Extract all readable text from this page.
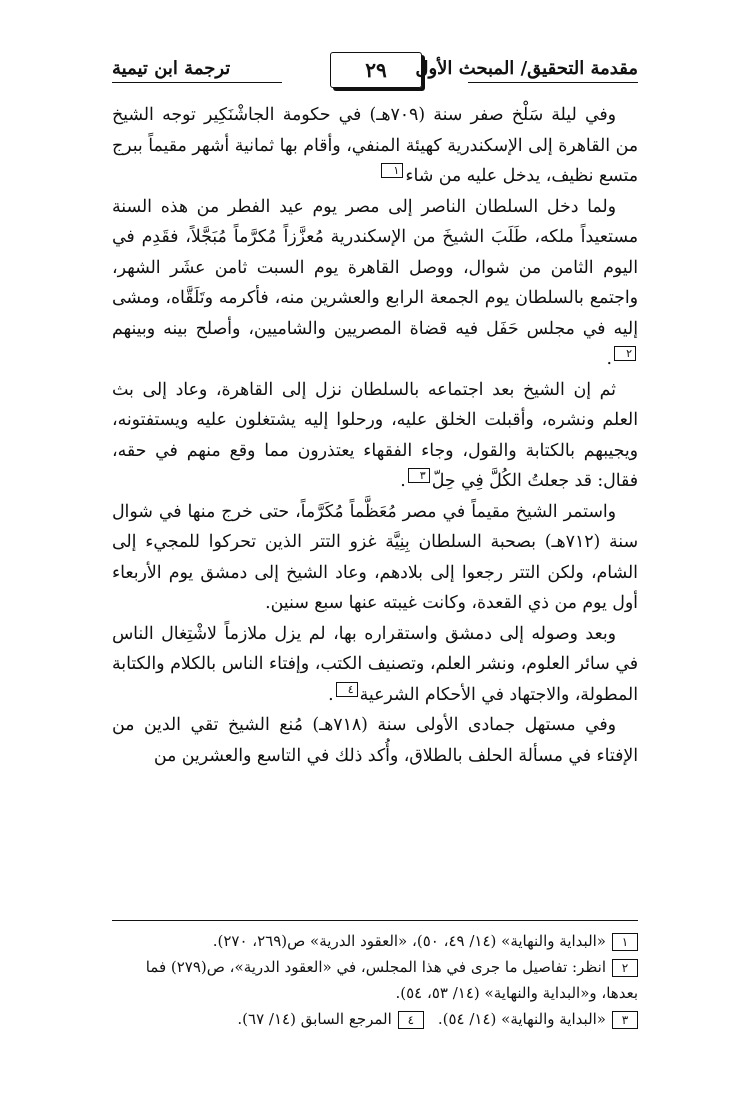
مقدمة التحقيق/ المبحث الأول
٢٩
ترجمة ابن تيمية

وفي ليلة سَلْخ صفر سنة (٧٠٩هـ) في حكومة الجاشْنَكِير توجه الشيخ من القاهرة إلى الإسكندرية كهيئة المنفي، وأقام بها ثمانية أشهر مقيماً ببرج متسع نظيف، يدخل عليه من شاء١

ولما دخل السلطان الناصر إلى مصر يوم عيد الفطر من هذه السنة مستعيداً ملكه، طَلَبَ الشيخَ من الإسكندرية مُعزَّزاً مُكرَّماً مُبَجَّلاً، فقَدِم في اليوم الثامن من شوال، ووصل القاهرة يوم السبت ثامن عشَر الشهر، واجتمع بالسلطان يوم الجمعة الرابع والعشرين منه، فأكرمه وتَلَقَّاه، ومشى إليه في مجلس حَفَل فيه قضاة المصريين والشاميين، وأصلح بينه وبينهم٢.

ثم إن الشيخ بعد اجتماعه بالسلطان نزل إلى القاهرة، وعاد إلى بث العلم ونشره، وأقبلت الخلق عليه، ورحلوا إليه يشتغلون عليه ويستفتونه، ويجيبهم بالكتابة والقول، وجاء الفقهاء يعتذرون مما وقع منهم في حقه، فقال: قد جعلتُ الكُلَّ فِي حِلّ٣.

واستمر الشيخ مقيماً في مصر مُعَظَّماً مُكَرَّماً، حتى خرج منها في شوال سنة (٧١٢هـ) بصحبة السلطان بِنِيَّة غزو التتر الذين تحركوا للمجيء إلى الشام، ولكن التتر رجعوا إلى بلادهم، وعاد الشيخ إلى دمشق يوم الأربعاء أول يوم من ذي القعدة، وكانت غيبته عنها سبع سنين.

وبعد وصوله إلى دمشق واستقراره بها، لم يزل ملازماً لاشْتِغال الناس في سائر العلوم، ونشر العلم، وتصنيف الكتب، وإفتاء الناس بالكلام والكتابة المطولة، والاجتهاد في الأحكام الشرعية٤.

وفي مستهل جمادى الأولى سنة (٧١٨هـ) مُنع الشيخ تقي الدين من الإفتاء في مسألة الحلف بالطلاق، وأُكد ذلك في التاسع والعشرين من

١«البداية والنهاية» (١٤/ ٤٩، ٥٠)، «العقود الدرية» ص(٢٦٩، ٢٧٠).

٢انظر: تفاصيل ما جرى في هذا المجلس، في «العقود الدرية»، ص(٢٧٩) فما بعدها، و«البداية والنهاية» (١٤/ ٥٣، ٥٤).

٣«البداية والنهاية» (١٤/ ٥٤).٤المرجع السابق (١٤/ ٦٧).
